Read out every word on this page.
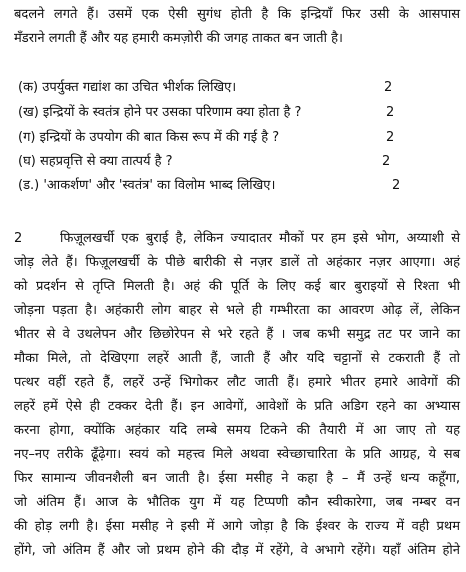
बदलने लगते हैं। उसमें एक ऐसी सुगंध होती है कि इन्द्रियाँ फिर उसी के आसपास
मँडराने लगती हैं और यह हमारी कमज़ोरी की जगह ताकत बन जाती है।
(क) उपर्युक्त गद्यांश का उचित भीर्शक लिखिए।	2
(ख) इन्द्रियों के स्वतंत्र होने पर उसका परिणाम क्या होता है ?	2
(ग) इन्द्रियों के उपयोग की बात किस रूप में की गई है ?	2
(घ) सहप्रवृत्ति से क्या तात्पर्य है ?	2
(ड.) 'आकर्शण' और 'स्वतंत्र' का विलोम भाब्द लिखिए।	2
2	फिज़ूलखर्ची एक बुराई है, लेकिन ज्यादातर मौकों पर हम इसे भोग, अय्याशी से
जोड़ लेते हैं। फिज़ूलखर्ची के पीछे बारीकी से नज़र डालें तो अहंकार नज़र आएगा। अहं
को प्रदर्शन से तृप्ति मिलती है। अहं की पूर्ति के लिए कई बार बुराइयों से रिश्ता भी
जोड़ना पड़ता है। अहंकारी लोग बाहर से भले ही गम्भीरता का आवरण ओढ़ लें, लेकिन
भीतर से वे उथलेपन और छिछोरेपन से भरे रहते हैं । जब कभी समुद्र तट पर जाने का
मौका मिले, तो देखिएगा लहरें आती हैं, जाती हैं और यदि चट्टानों से टकराती हैं तो
पत्थर वहीं रहते हैं, लहरें उन्हें भिगोकर लौट जाती हैं। हमारे भीतर हमारे आवेगों की
लहरें हमें ऐसे ही टक्कर देती हैं। इन आवेगों, आवेशों के प्रति अडिग रहने का अभ्यास
करना होगा, क्योंकि अहंकार यदि लम्बे समय टिकने की तैयारी में आ जाए तो यह
नए–नए तरीके ढूँढ़ेगा। स्वयं को महत्त्व मिले अथवा स्वेच्छाचारिता के प्रति आग्रह, ये सब
फिर सामान्य जीवनशैली बन जाती है। ईसा मसीह ने कहा है – मैं उन्हें धन्य कहूँगा,
जो अंतिम हैं। आज के भौतिक युग में यह टिप्पणी कौन स्वीकारेगा, जब नम्बर वन
की होड़ लगी है। ईसा मसीह ने इसी में आगे जोड़ा है कि ईश्वर के राज्य में वही प्रथम
होंगे, जो अंतिम हैं और जो प्रथम होने की दौड़ में रहेंगे, वे अभागे रहेंगे। यहाँ अंतिम होने
